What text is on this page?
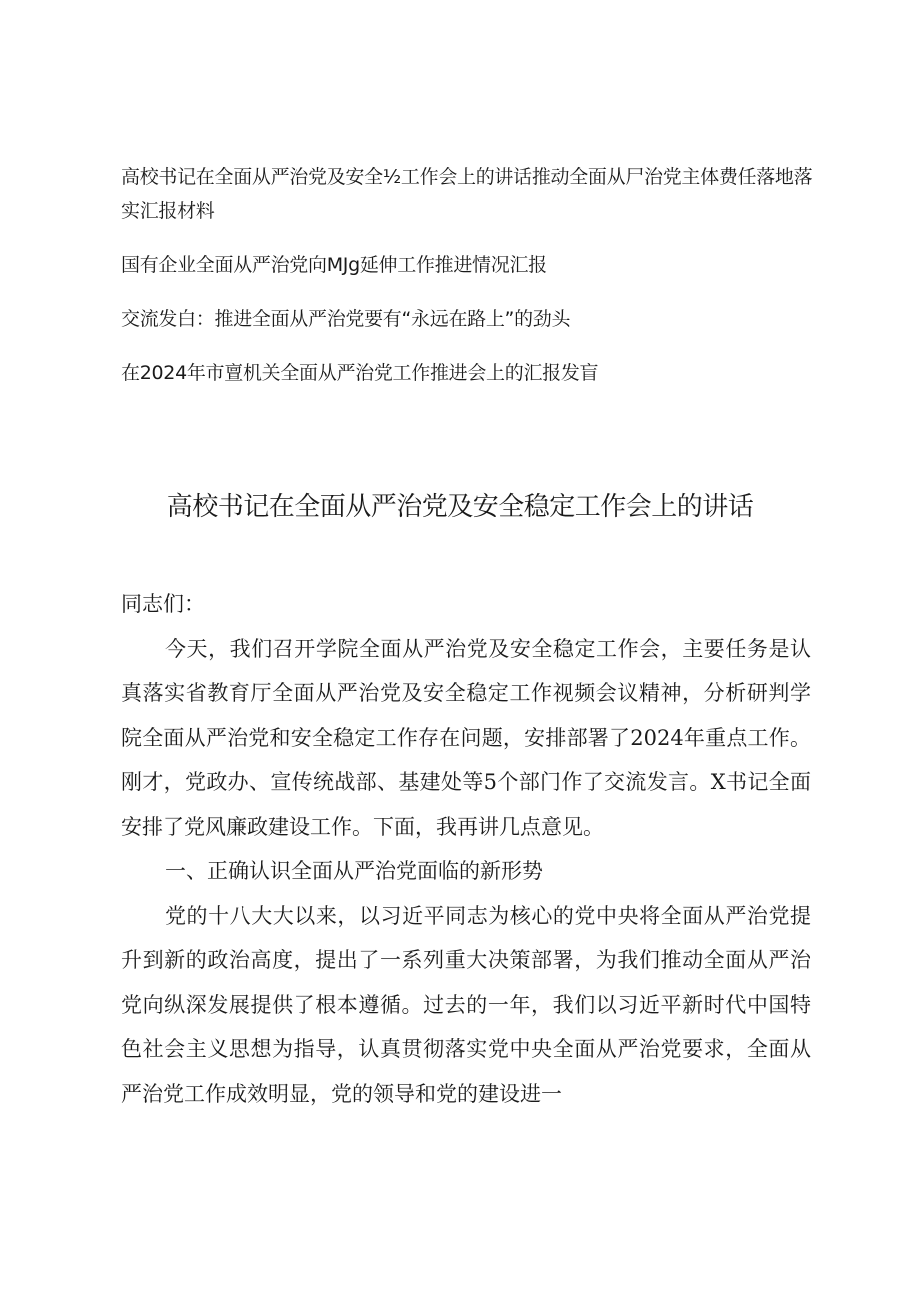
高校书记在全面从严治党及安全½工作会上的讲话推动全面从尸治党主体费任落地落实汇报材料
国有企业全面从严治党向MJg延伸工作推进情况汇报
交流发白：推进全面从严治党要有“永远在路上”的劲头
在2024年市亶机关全面从严治党工作推进会上的汇报发盲
高校书记在全面从严治党及安全稳定工作会上的讲话

同志们：

今天，我们召开学院全面从严治党及安全稳定工作会，主要任务是认真落实省教育厅全面从严治党及安全稳定工作视频会议精神，分析研判学院全面从严治党和安全稳定工作存在问题，安排部署了2024年重点工作。刚才，党政办、宣传统战部、基建处等5个部门作了交流发言。X书记全面安排了党风廉政建设工作。下面，我再讲几点意见。

一、正确认识全面从严治党面临的新形势

党的十八大大以来，以习近平同志为核心的党中央将全面从严治党提升到新的政治高度，提出了一系列重大决策部署，为我们推动全面从严治党向纵深发展提供了根本遵循。过去的一年，我们以习近平新时代中国特色社会主义思想为指导，认真贯彻落实党中央全面从严治党要求，全面从严治党工作成效明显，党的领导和党的建设进一
